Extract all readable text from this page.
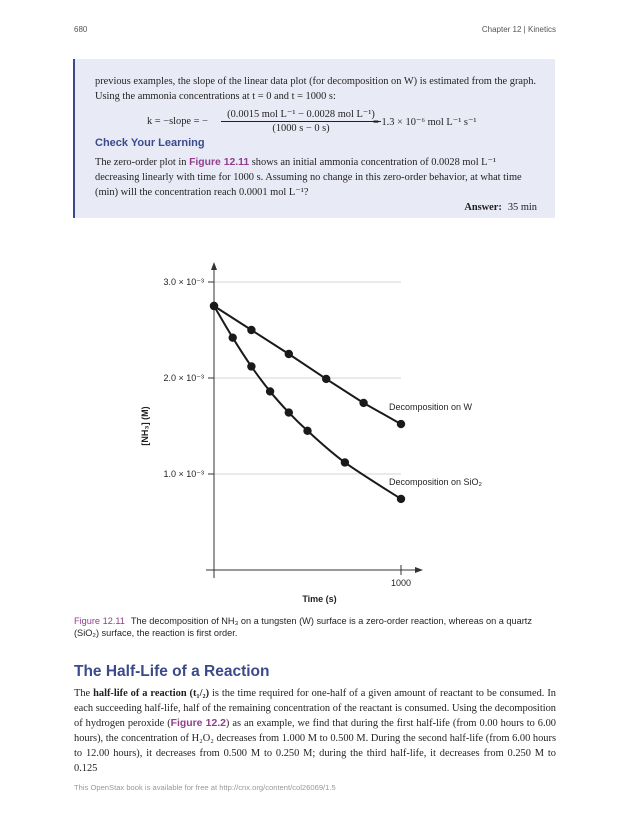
680	Chapter 12 | Kinetics
previous examples, the slope of the linear data plot (for decomposition on W) is estimated from the graph. Using the ammonia concentrations at t = 0 and t = 1000 s:
k = −slope = −
(0.0015 mol L⁻¹ − 0.0028 mol L⁻¹)
(1000 s − 0 s)
= 1.3 × 10⁻⁶ mol L⁻¹ s⁻¹
Check Your Learning
The zero-order plot in Figure 12.11 shows an initial ammonia concentration of 0.0028 mol L⁻¹ decreasing linearly with time for 1000 s. Assuming no change in this zero-order behavior, at what time (min) will the concentration reach 0.0001 mol L⁻¹?
Answer: 35 min
1.0 × 10⁻³
2.0 × 10⁻³
3.0 × 10⁻³
1000
Time (s)
[NH₃] (M)	Decomposition on W
Decomposition on SiO₂
Figure 12.11 The decomposition of NH₃ on a tungsten (W) surface is a zero-order reaction, whereas on a quartz (SiO₂) surface, the reaction is first order.
The Half-Life of a Reaction
The half-life of a reaction (t₁/₂) is the time required for one-half of a given amount of reactant to be consumed. In each succeeding half-life, half of the remaining concentration of the reactant is consumed. Using the decomposition of hydrogen peroxide (Figure 12.2) as an example, we find that during the first half-life (from 0.00 hours to 6.00 hours), the concentration of H₂O₂ decreases from 1.000 M to 0.500 M. During the second half-life (from 6.00 hours to 12.00 hours), it decreases from 0.500 M to 0.250 M; during the third half-life, it decreases from 0.250 M to 0.125
This OpenStax book is available for free at http://cnx.org/content/col26069/1.5
